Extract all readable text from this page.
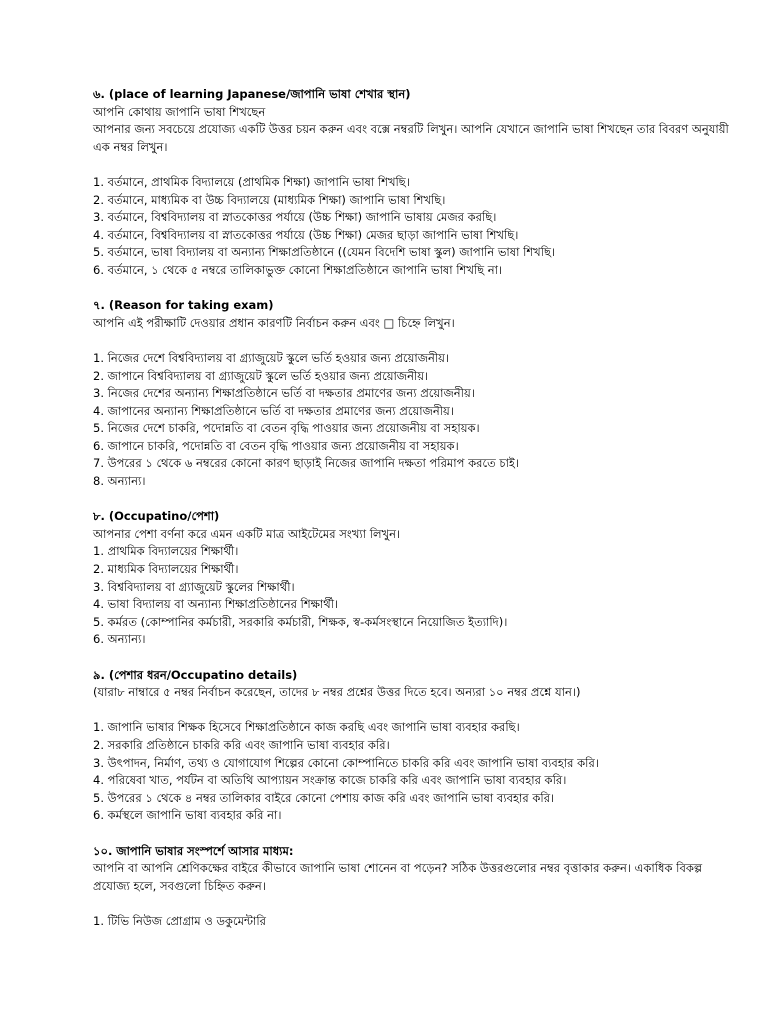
৬. (place of learning Japanese/জাপানি ভাষা শেখার স্থান)
আপনি কোথায় জাপানি ভাষা শিখছেন
আপনার জন্য সবচেয়ে প্রযোজ্য একটি উত্তর চয়ন করুন এবং বক্সে নম্বরটি লিখুন। আপনি যেখানে জাপানি ভাষা শিখছেন তার বিবরণ অনুযায়ী এক নম্বর লিখুন।
1. বর্তমানে, প্রাথমিক বিদ্যালয়ে (প্রাথমিক শিক্ষা) জাপানি ভাষা শিখছি।
2. বর্তমানে, মাধ্যমিক বা উচ্চ বিদ্যালয়ে (মাধ্যমিক শিক্ষা) জাপানি ভাষা শিখছি।
3. বর্তমানে, বিশ্ববিদ্যালয় বা স্নাতকোত্তর পর্যায়ে (উচ্চ শিক্ষা) জাপানি ভাষায় মেজর করছি।
4. বর্তমানে, বিশ্ববিদ্যালয় বা স্নাতকোত্তর পর্যায়ে (উচ্চ শিক্ষা) মেজর ছাড়া জাপানি ভাষা শিখছি।
5. বর্তমানে, ভাষা বিদ্যালয় বা অন্যান্য শিক্ষাপ্রতিষ্ঠানে ((যেমন বিদেশি ভাষা স্কুল) জাপানি ভাষা শিখছি।
6. বর্তমানে, ১ থেকে ৫ নম্বরে তালিকাভুক্ত কোনো শিক্ষাপ্রতিষ্ঠানে জাপানি ভাষা শিখছি না।
৭. (Reason for taking exam)
আপনি এই পরীক্ষাটি দেওয়ার প্রধান কারণটি নির্বাচন করুন এবং □ চিহ্নে লিখুন।
1. নিজের দেশে বিশ্ববিদ্যালয় বা গ্র্যাজুয়েট স্কুলে ভর্তি হওয়ার জন্য প্রয়োজনীয়।
2. জাপানে বিশ্ববিদ্যালয় বা গ্র্যাজুয়েট স্কুলে ভর্তি হওয়ার জন্য প্রয়োজনীয়।
3. নিজের দেশের অন্যান্য শিক্ষাপ্রতিষ্ঠানে ভর্তি বা দক্ষতার প্রমাণের জন্য প্রয়োজনীয়।
4. জাপানের অন্যান্য শিক্ষাপ্রতিষ্ঠানে ভর্তি বা দক্ষতার প্রমাণের জন্য প্রয়োজনীয়।
5. নিজের দেশে চাকরি, পদোন্নতি বা বেতন বৃদ্ধি পাওয়ার জন্য প্রয়োজনীয় বা সহায়ক।
6. জাপানে চাকরি, পদোন্নতি বা বেতন বৃদ্ধি পাওয়ার জন্য প্রয়োজনীয় বা সহায়ক।
7. উপরের ১ থেকে ৬ নম্বরের কোনো কারণ ছাড়াই নিজের জাপানি দক্ষতা পরিমাপ করতে চাই।
8. অন্যান্য।
৮. (Occupatino/পেশা)
আপনার পেশা বর্ণনা করে এমন একটি মাত্র আইটেমের সংখ্যা লিখুন।
1. প্রাথমিক বিদ্যালয়ের শিক্ষার্থী।
2. মাধ্যমিক বিদ্যালয়ের শিক্ষার্থী।
3. বিশ্ববিদ্যালয় বা গ্র্যাজুয়েট স্কুলের শিক্ষার্থী।
4. ভাষা বিদ্যালয় বা অন্যান্য শিক্ষাপ্রতিষ্ঠানের শিক্ষার্থী।
5. কর্মরত (কোম্পানির কর্মচারী, সরকারি কর্মচারী, শিক্ষক, স্ব-কর্মসংস্থানে নিয়োজিত ইত্যাদি)।
6. অন্যান্য।
৯. (পেশার ধরন/Occupatino details)
(যারা৮ নাম্বারে ৫ নম্বর নির্বাচন করেছেন, তাদের ৮ নম্বর প্রশ্নের উত্তর দিতে হবে। অন্যরা ১০ নম্বর প্রশ্নে যান।)
1. জাপানি ভাষার শিক্ষক হিসেবে শিক্ষাপ্রতিষ্ঠানে কাজ করছি এবং জাপানি ভাষা ব্যবহার করছি।
2. সরকারি প্রতিষ্ঠানে চাকরি করি এবং জাপানি ভাষা ব্যবহার করি।
3. উৎপাদন, নির্মাণ, তথ্য ও যোগাযোগ শিল্পের কোনো কোম্পানিতে চাকরি করি এবং জাপানি ভাষা ব্যবহার করি।
4. পরিষেবা খাত, পর্যটন বা অতিথি আপ্যায়ন সংক্রান্ত কাজে চাকরি করি এবং জাপানি ভাষা ব্যবহার করি।
5. উপরের ১ থেকে ৪ নম্বর তালিকার বাইরে কোনো পেশায় কাজ করি এবং জাপানি ভাষা ব্যবহার করি।
6. কর্মস্থলে জাপানি ভাষা ব্যবহার করি না।
১০. জাপানি ভাষার সংস্পর্শে আসার মাধ্যম:
আপনি বা আপনি শ্রেণিকক্ষের বাইরে কীভাবে জাপানি ভাষা শোনেন বা পড়েন? সঠিক উত্তরগুলোর নম্বর বৃত্তাকার করুন। একাধিক বিকল্প প্রযোজ্য হলে, সবগুলো চিহ্নিত করুন।
1. টিভি নিউজ প্রোগ্রাম ও ডকুমেন্টারি
